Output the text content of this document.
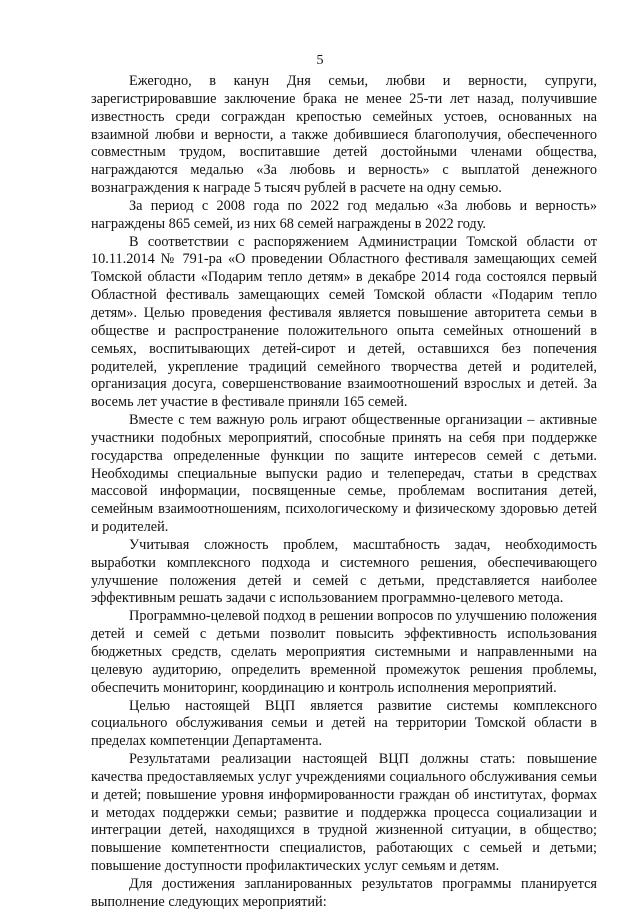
5

Ежегодно, в канун Дня семьи, любви и верности, супруги, зарегистрировавшие заключение брака не менее 25-ти лет назад, получившие известность среди сограждан крепостью семейных устоев, основанных на взаимной любви и верности, а также добившиеся благополучия, обеспеченного совместным трудом, воспитавшие детей достойными членами общества, награждаются медалью «За любовь и верность» с выплатой денежного вознаграждения к награде 5 тысяч рублей в расчете на одну семью.

За период с 2008 года по 2022 год медалью «За любовь и верность» награждены 865 семей, из них 68 семей награждены в 2022 году.

В соответствии с распоряжением Администрации Томской области от 10.11.2014 № 791-ра «О проведении Областного фестиваля замещающих семей Томской области «Подарим тепло детям» в декабре 2014 года состоялся первый Областной фестиваль замещающих семей Томской области «Подарим тепло детям». Целью проведения фестиваля является повышение авторитета семьи в обществе и распространение положительного опыта семейных отношений в семьях, воспитывающих детей-сирот и детей, оставшихся без попечения родителей, укрепление традиций семейного творчества детей и родителей, организация досуга, совершенствование взаимоотношений взрослых и детей. За восемь лет участие в фестивале приняли 165 семей.

Вместе с тем важную роль играют общественные организации – активные участники подобных мероприятий, способные принять на себя при поддержке государства определенные функции по защите интересов семей с детьми. Необходимы специальные выпуски радио и телепередач, статьи в средствах массовой информации, посвященные семье, проблемам воспитания детей, семейным взаимоотношениям, психологическому и физическому здоровью детей и родителей.

Учитывая сложность проблем, масштабность задач, необходимость выработки комплексного подхода и системного решения, обеспечивающего улучшение положения детей и семей с детьми, представляется наиболее эффективным решать задачи с использованием программно-целевого метода.

Программно-целевой подход в решении вопросов по улучшению положения детей и семей с детьми позволит повысить эффективность использования бюджетных средств, сделать мероприятия системными и направленными на целевую аудиторию, определить временной промежуток решения проблемы, обеспечить мониторинг, координацию и контроль исполнения мероприятий.

Целью настоящей ВЦП является развитие системы комплексного социального обслуживания семьи и детей на территории Томской области в пределах компетенции Департамента.

Результатами реализации настоящей ВЦП должны стать: повышение качества предоставляемых услуг учреждениями социального обслуживания семьи и детей; повышение уровня информированности граждан об институтах, формах и методах поддержки семьи; развитие и поддержка процесса социализации и интеграции детей, находящихся в трудной жизненной ситуации, в общество; повышение компетентности специалистов, работающих с семьей и детьми; повышение доступности профилактических услуг семьям и детям.

Для достижения запланированных результатов программы планируется выполнение следующих мероприятий:
